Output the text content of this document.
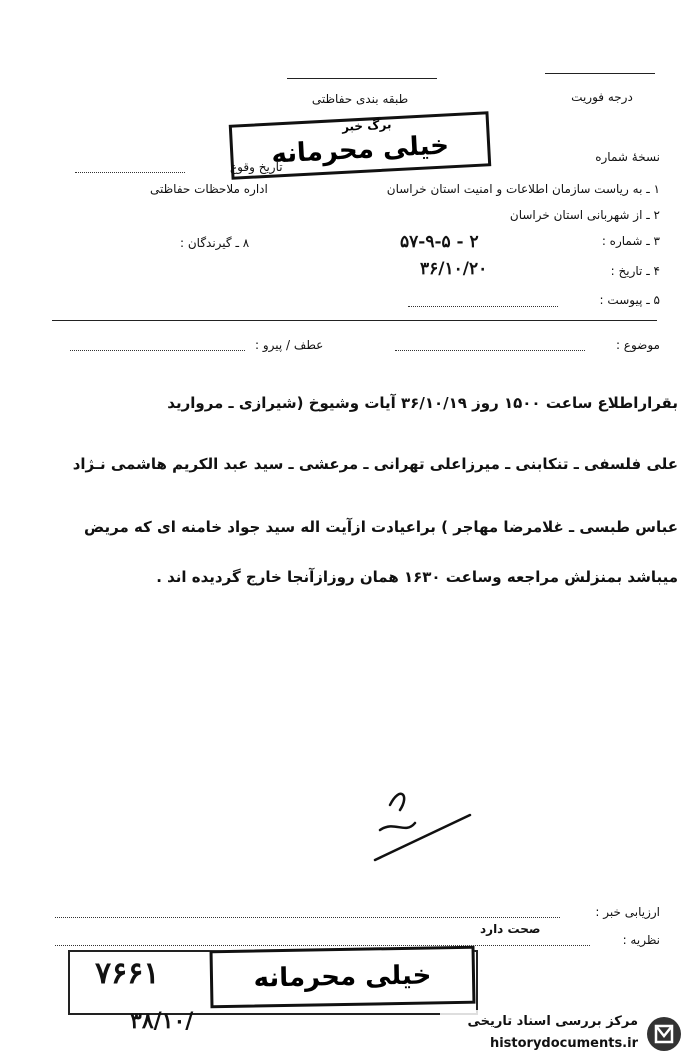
طبقه بندی حفاظتی	درجه فوریت
برگ خبر
خیلی محرمانه	نسخهٔ شماره
تاریخ وقوع
اداره ملاحظات حفاظتی	۱ ـ به ریاست سازمان اطلاعات و امنیت استان خراسان
۲ ـ از شهربانی استان خراسان
۸ ـ گیرندگان :	۳ ـ شماره :
۵۷-۹-۵ - ۲
۴ ـ تاریخ :
۳۶/۱۰/۲۰
۵ ـ پیوست :
موضوع :
عطف / پیرو :
بقراراطلاع ساعت ۱۵۰۰ روز ۳۶/۱۰/۱۹ آیات وشیوخ (شیرازی ـ مروارید
علی فلسفی ـ تنکابنی ـ میرزاعلی تهرانی ـ مرعشی ـ سید عبد الکریم هاشمی نـژاد
عباس طبسی ـ غلامرضا مهاجر ) براعیادت ازآیت اله سید جواد خامنه ای که مریض
میباشد بمنزلش مراجعه وساعت ۱۶۳۰ همان روزازآنجا خارج گردیده اند .
ارزیابی خبر :
صحت دارد
نظریه :
خیلی محرمانه
۷۶۶۱
۳۸/۱۰/	مرکز بررسی اسناد تاریخی
historydocuments.ir
